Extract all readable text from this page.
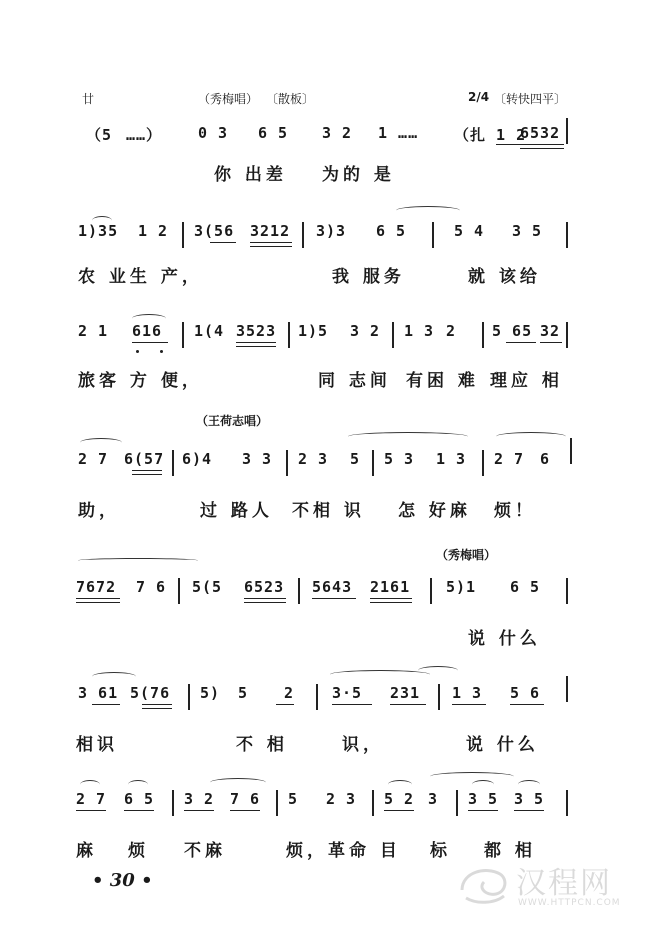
廿	（秀梅唱） 〔散板〕	2/4 〔转快四平〕
（5 ……） 0 3 6 5 3 2 1 …… （扎 1 2
6532
你 出差 为的 是
1)35 1 2 3(56 3212 3)3 6 5	5 4 3 5
农 业生 产，	我 服务	就 该给
2 1 616 1(4 3523 1)5 3 2 1 3 2 5 65 32
旅客 方 便，	同 志间 有困 难 理应 相
（王荷志唱）
2 7 6(57 6)4 3 3 2 3 5 5 3 1 3 2 7 6
助，	过 路人 不相 识 怎 好麻 烦！
（秀梅唱）
7672 7 6 5(5 6523 5643 2161 5)1 6 5
说 什么
3 61 5(76 5) 5 2	3·5 231 1 3 5 6
相识	不 相	识，	说 什么
2 7 6 5 3 2 7 6 5 2 3 5 2 3 3 5 3 5
麻 烦 不麻	烦，革命 目 标 都 相
• 30 •	汉程网
WWW.HTTPCN.COM
